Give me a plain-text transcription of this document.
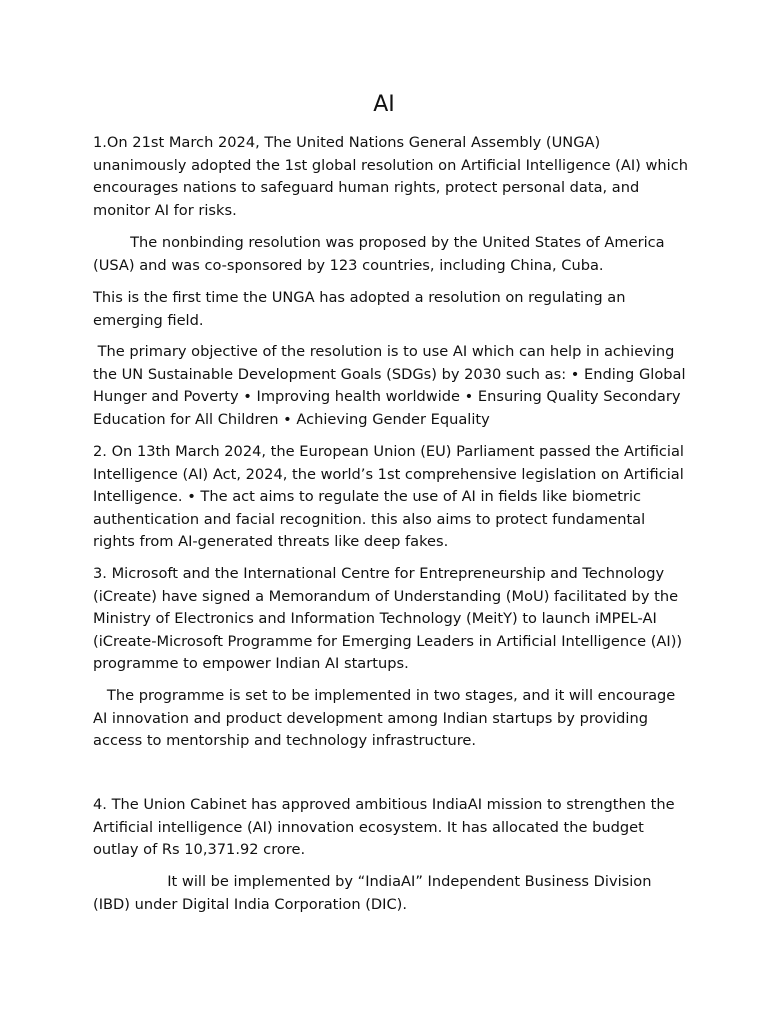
AI

1.On 21st March 2024, The United Nations General Assembly (UNGA) unanimously adopted the 1st global resolution on Artificial Intelligence (AI) which encourages nations to safeguard human rights, protect personal data, and monitor AI for risks.

The nonbinding resolution was proposed by the United States of America (USA) and was co-sponsored by 123 countries, including China, Cuba.

This is the first time the UNGA has adopted a resolution on regulating an emerging field.

The primary objective of the resolution is to use AI which can help in achieving the UN Sustainable Development Goals (SDGs) by 2030 such as: • Ending Global Hunger and Poverty • Improving health worldwide • Ensuring Quality Secondary Education for All Children • Achieving Gender Equality

2. On 13th March 2024, the European Union (EU) Parliament passed the Artificial Intelligence (AI) Act, 2024, the world’s 1st comprehensive legislation on Artificial Intelligence. • The act aims to regulate the use of AI in fields like biometric authentication and facial recognition. this also aims to protect fundamental rights from AI-generated threats like deep fakes.

3. Microsoft and the International Centre for Entrepreneurship and Technology (iCreate) have signed a Memorandum of Understanding (MoU) facilitated by the Ministry of Electronics and Information Technology (MeitY) to launch iMPEL-AI (iCreate-Microsoft Programme for Emerging Leaders in Artificial Intelligence (AI)) programme to empower Indian AI startups.

The programme is set to be implemented in two stages, and it will encourage AI innovation and product development among Indian startups by providing access to mentorship and technology infrastructure.

4. The Union Cabinet has approved ambitious IndiaAI mission to strengthen the Artificial intelligence (AI) innovation ecosystem. It has allocated the budget outlay of Rs 10,371.92 crore.

It will be implemented by “IndiaAI” Independent Business Division (IBD) under Digital India Corporation (DIC).
